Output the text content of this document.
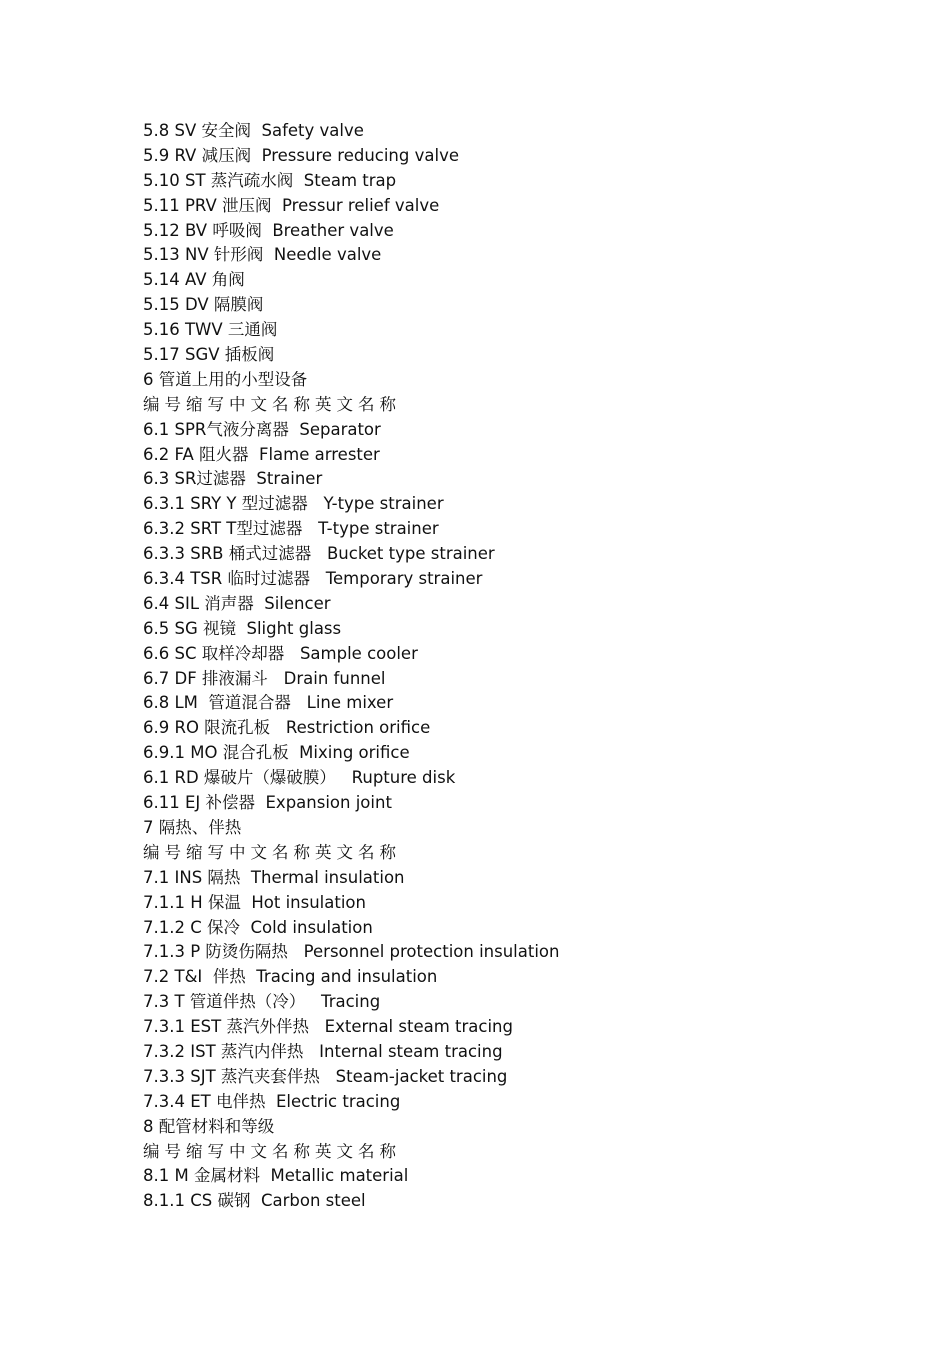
5.8 SV 安全阀  Safety valve
5.9 RV 减压阀  Pressure reducing valve
5.10 ST 蒸汽疏水阀  Steam trap
5.11 PRV 泄压阀  Pressur relief valve
5.12 BV 呼吸阀  Breather valve
5.13 NV 针形阀  Needle valve
5.14 AV 角阀
5.15 DV 隔膜阀
5.16 TWV 三通阀
5.17 SGV 插板阀
6 管道上用的小型设备
编号缩写中文名称英文名称
6.1 SPR气液分离器  Separator
6.2 FA 阻火器  Flame arrester
6.3 SR过滤器  Strainer
6.3.1 SRY Y 型过滤器   Y-type strainer
6.3.2 SRT T型过滤器   T-type strainer
6.3.3 SRB 桶式过滤器   Bucket type strainer
6.3.4 TSR 临时过滤器   Temporary strainer
6.4 SIL 消声器  Silencer
6.5 SG 视镜  Slight glass
6.6 SC 取样冷却器   Sample cooler
6.7 DF 排液漏斗   Drain funnel
6.8 LM  管道混合器   Line mixer
6.9 RO 限流孔板   Restriction orifice
6.9.1 MO 混合孔板  Mixing orifice
6.1 RD 爆破片（爆破膜）   Rupture disk
6.11 EJ 补偿器  Expansion joint
7 隔热、伴热
编号缩写中文名称英文名称
7.1 INS 隔热  Thermal insulation
7.1.1 H 保温  Hot insulation
7.1.2 C 保冷  Cold insulation
7.1.3 P 防烫伤隔热   Personnel protection insulation
7.2 T&I  伴热  Tracing and insulation
7.3 T 管道伴热（冷）   Tracing
7.3.1 EST 蒸汽外伴热   External steam tracing
7.3.2 IST 蒸汽内伴热   Internal steam tracing
7.3.3 SJT 蒸汽夹套伴热   Steam-jacket tracing
7.3.4 ET 电伴热  Electric tracing
8 配管材料和等级
编号缩写中文名称英文名称
8.1 M 金属材料  Metallic material
8.1.1 CS 碳钢  Carbon steel
